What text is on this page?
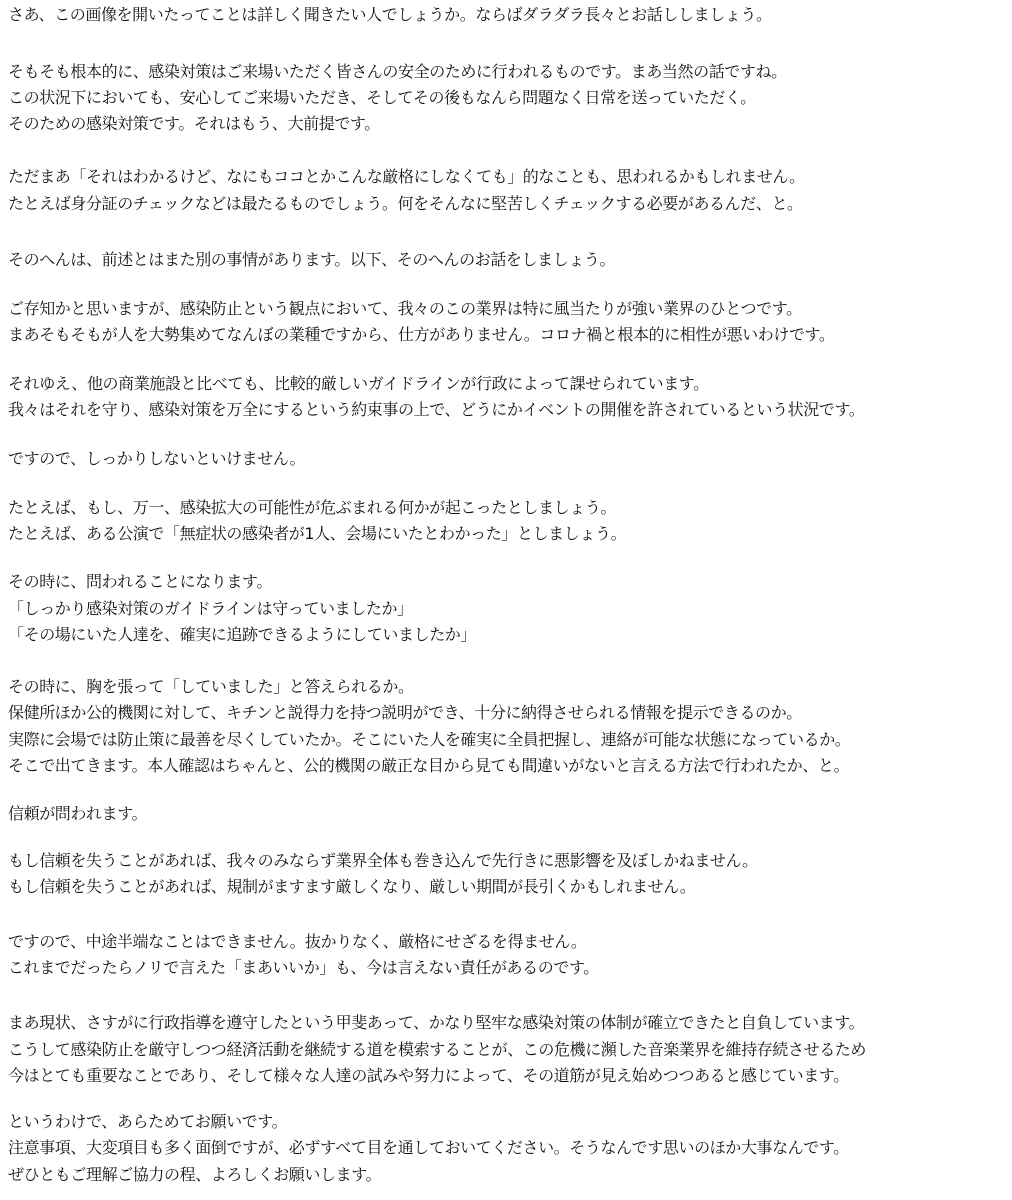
さあ、この画像を開いたってことは詳しく聞きたい人でしょうか。ならばダラダラ長々とお話ししましょう。
そもそも根本的に、感染対策はご来場いただく皆さんの安全のために行われるものです。まあ当然の話ですね。
この状況下においても、安心してご来場いただき、そしてその後もなんら問題なく日常を送っていただく。
そのための感染対策です。それはもう、大前提です。
ただまあ「それはわかるけど、なにもココとかこんな厳格にしなくても」的なことも、思われるかもしれません。
たとえば身分証のチェックなどは最たるものでしょう。何をそんなに堅苦しくチェックする必要があるんだ、と。
そのへんは、前述とはまた別の事情があります。以下、そのへんのお話をしましょう。
ご存知かと思いますが、感染防止という観点において、我々のこの業界は特に風当たりが強い業界のひとつです。
まあそもそもが人を大勢集めてなんぼの業種ですから、仕方がありません。コロナ禍と根本的に相性が悪いわけです。
それゆえ、他の商業施設と比べても、比較的厳しいガイドラインが行政によって課せられています。
我々はそれを守り、感染対策を万全にするという約束事の上で、どうにかイベントの開催を許されているという状況です。
ですので、しっかりしないといけません。
たとえば、もし、万一、感染拡大の可能性が危ぶまれる何かが起こったとしましょう。
たとえば、ある公演で「無症状の感染者が1人、会場にいたとわかった」としましょう。
その時に、問われることになります。
「しっかり感染対策のガイドラインは守っていましたか」
「その場にいた人達を、確実に追跡できるようにしていましたか」
その時に、胸を張って「していました」と答えられるか。
保健所ほか公的機関に対して、キチンと説得力を持つ説明ができ、十分に納得させられる情報を提示できるのか。
実際に会場では防止策に最善を尽くしていたか。そこにいた人を確実に全員把握し、連絡が可能な状態になっているか。
そこで出てきます。本人確認はちゃんと、公的機関の厳正な目から見ても間違いがないと言える方法で行われたか、と。
信頼が問われます。
もし信頼を失うことがあれば、我々のみならず業界全体も巻き込んで先行きに悪影響を及ぼしかねません。
もし信頼を失うことがあれば、規制がますます厳しくなり、厳しい期間が長引くかもしれません。
ですので、中途半端なことはできません。抜かりなく、厳格にせざるを得ません。
これまでだったらノリで言えた「まあいいか」も、今は言えない責任があるのです。
まあ現状、さすがに行政指導を遵守したという甲斐あって、かなり堅牢な感染対策の体制が確立できたと自負しています。
こうして感染防止を厳守しつつ経済活動を継続する道を模索することが、この危機に瀕した音楽業界を維持存続させるため
今はとても重要なことであり、そして様々な人達の試みや努力によって、その道筋が見え始めつつあると感じています。
というわけで、あらためてお願いです。
注意事項、大変項目も多く面倒ですが、必ずすべて目を通しておいてください。そうなんです思いのほか大事なんです。
ぜひともご理解ご協力の程、よろしくお願いします。
